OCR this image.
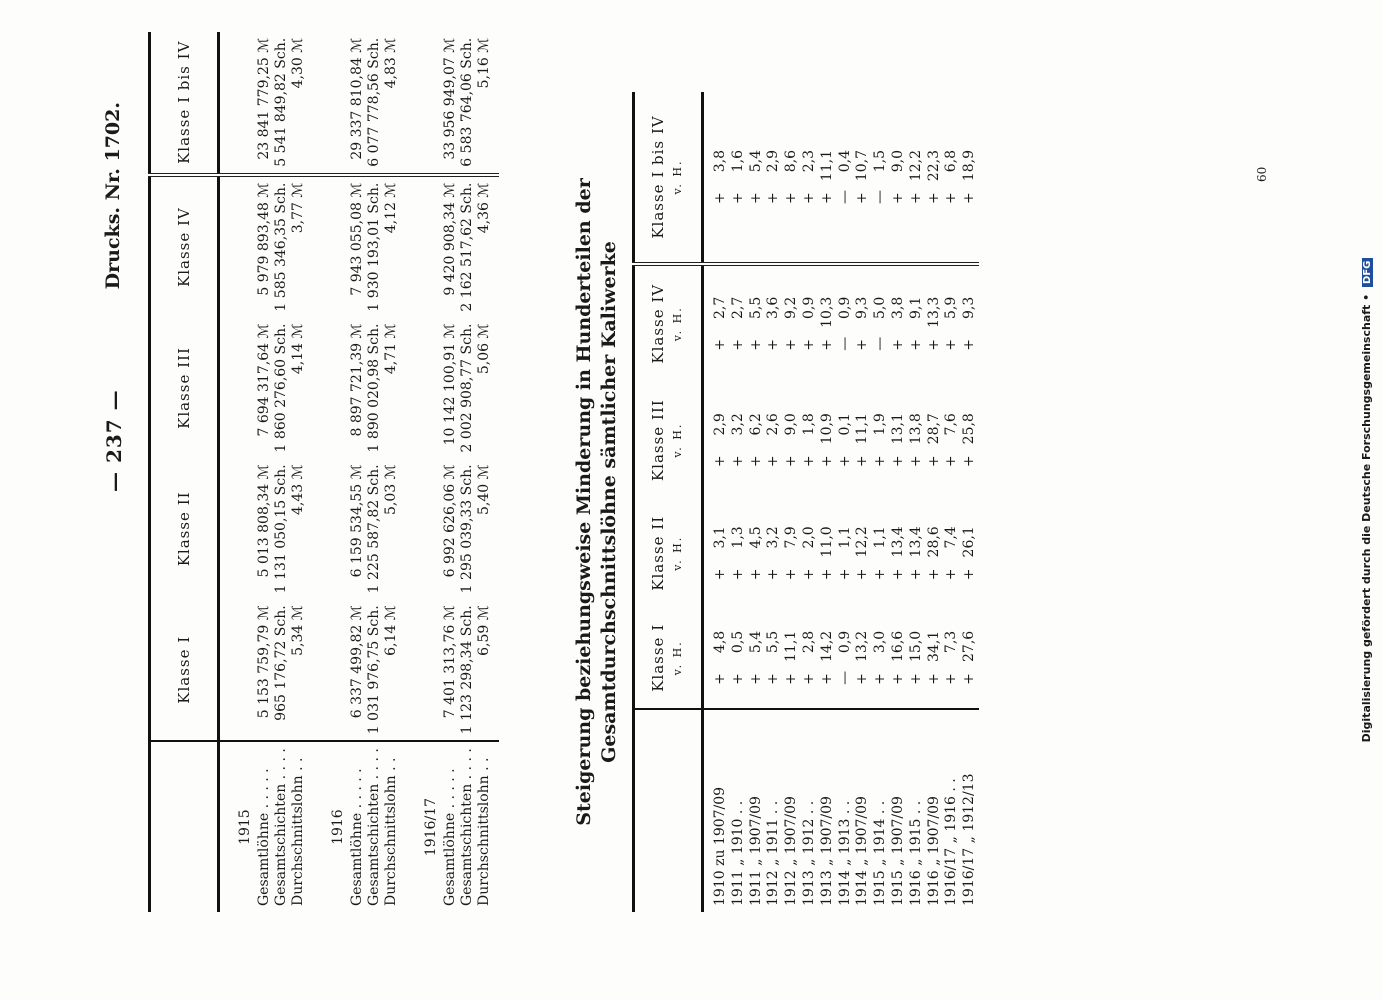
— 237 —
Drucks. Nr. 1702.
	Klasse I	Klasse II	Klasse III	Klasse IV	Klasse I bis IV
1915					
Gesamtlöhne . . . . .	5 153 759,79 ℳ	5 013 808,34 ℳ	7 694 317,64 ℳ	5 979 893,48 ℳ	23 841 779,25 ℳ
Gesamtschichten . . . .	965 176,72 Sch.	1 131 050,15 Sch.	1 860 276,60 Sch.	1 585 346,35 Sch.	5 541 849,82 Sch.
Durchschnittslohn . .	5,34 ℳ	4,43 ℳ	4,14 ℳ	3,77 ℳ	4,30 ℳ
1916					
Gesamtlöhne . . . . .	6 337 499,82 ℳ	6 159 534,55 ℳ	8 897 721,39 ℳ	7 943 055,08 ℳ	29 337 810,84 ℳ
Gesamtschichten . . . .	1 031 976,75 Sch.	1 225 587,82 Sch.	1 890 020,98 Sch.	1 930 193,01 Sch.	6 077 778,56 Sch.
Durchschnittslohn . .	6,14 ℳ	5,03 ℳ	4,71 ℳ	4,12 ℳ	4,83 ℳ
1916/17					
Gesamtlöhne . . . . .	7 401 313,76 ℳ	6 992 626,06 ℳ	10 142 100,91 ℳ	9 420 908,34 ℳ	33 956 949,07 ℳ
Gesamtschichten . . . .	1 123 298,34 Sch.	1 295 039,33 Sch.	2 002 908,77 Sch.	2 162 517,62 Sch.	6 583 764,06 Sch.
Durchschnittslohn . .	6,59 ℳ	5,40 ℳ	5,06 ℳ	4,36 ℳ	5,16 ℳ
Steigerung beziehungsweise Minderung in Hunderteilen der Gesamtdurchschnittslöhne sämtlicher Kaliwerke
	Klasse I v. H.	Klasse II v. H.	Klasse III v. H.	Klasse IV v. H.	Klasse I bis IV v. H.

1910 zu 1907/09	+4,8	+3,1	+2,9	+2,7	+3,8
1911 „ 1910 . .	+0,5	+1,3	+3,2	+2,7	+1,6
1911 „ 1907/09	+5,4	+4,5	+6,2	+5,5	+5,4
1912 „ 1911 . .	+5,5	+3,2	+2,6	+3,6	+2,9
1912 „ 1907/09	+11,1	+7,9	+9,0	+9,2	+8,6
1913 „ 1912 . .	+2,8	+2,0	+1,8	+0,9	+2,3
1913 „ 1907/09	+14,2	+11,0	+10,9	+10,3	+11,1
1914 „ 1913 . .	—0,9	+1,1	+0,1	—0,9	—0,4
1914 „ 1907/09	+13,2	+12,2	+11,1	+9,3	+10,7
1915 „ 1914 . .	+3,0	+1,1	+1,9	—5,0	—1,5
1915 „ 1907/09	+16,6	+13,4	+13,1	+3,8	+9,0
1916 „ 1915 . .	+15,0	+13,4	+13,8	+9,1	+12,2
1916 „ 1907/09	+34,1	+28,6	+28,7	+13,3	+22,3
1916/17 „ 1916 . .	+7,3	+7,4	+7,6	+5,9	+6,8
1916/17 „ 1912/13	+27,6	+26,1	+25,8	+9,3	+18,9	60
Digitalisierung gefördert durch die Deutsche Forschungsgemeinschaft • DFG
